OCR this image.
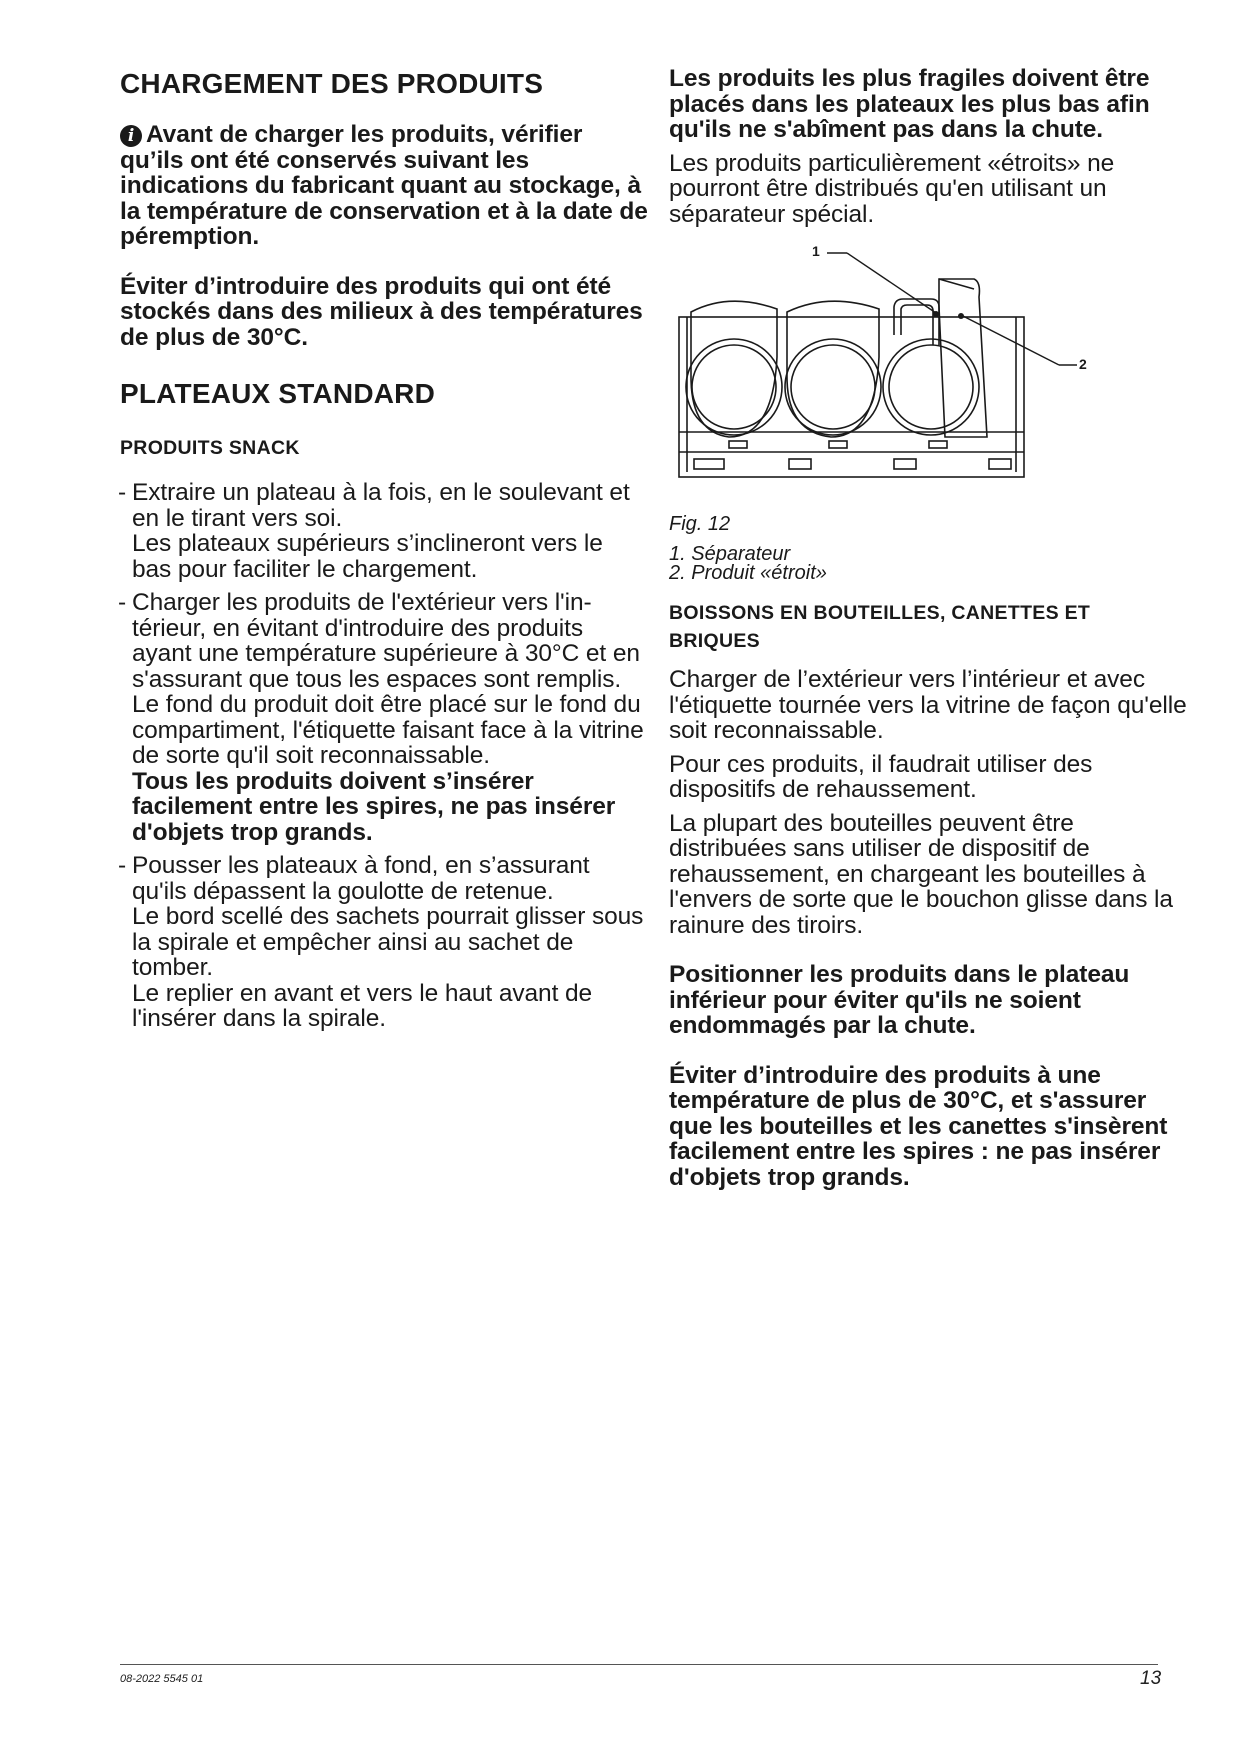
CHARGEMENT DES PRODUITS

i Avant de charger les produits, vérifier qu’ils ont été conservés suivant les indications du fabricant quant au stockage, à la température de conservation et à la date de péremption.

Éviter d’introduire des produits qui ont été stockés dans des milieux à des températures de plus de 30°C.

PLATEAUX STANDARD
PRODUITS SNACK
- Extraire un plateau à la fois, en le soulevant et en le tirant vers soi.

Les plateaux supérieurs s’inclineront vers le bas pour faciliter le chargement.

- Charger les produits de l'extérieur vers l'intérieur, en évitant d'introduire des produits ayant une température supérieure à 30°C et en s'assurant que tous les espaces sont remplis. Le fond du produit doit être placé sur le fond du compartiment, l'étiquette faisant face à la vitrine de sorte qu'il soit reconnaissable.

Tous les produits doivent s’insérer facilement entre les spires, ne pas insérer d'objets trop grands.

- Pousser les plateaux à fond, en s’assurant qu'ils dépassent la goulotte de retenue.

Le bord scellé des sachets pourrait glisser sous la spirale et empêcher ainsi au sachet de tomber.

Le replier en avant et vers le haut avant de l'insérer dans la spirale.

Les produits les plus fragiles doivent être placés dans les plateaux les plus bas afin qu'ils ne s'abîment pas dans la chute.

Les produits particulièrement «étroits» ne pourront être distribués qu'en utilisant un séparateur spécial.

1
2
Fig. 12
1. Séparateur
2. Produit «étroit»
BOISSONS EN BOUTEILLES, CANETTES ET
BRIQUES

Charger de l’extérieur vers l’intérieur et avec l'étiquette tournée vers la vitrine de façon qu'elle soit reconnaissable.

Pour ces produits, il faudrait utiliser des dispositifs de rehaussement.

La plupart des bouteilles peuvent être distribuées sans utiliser de dispositif de rehaussement, en chargeant les bouteilles à l'envers de sorte que le bouchon glisse dans la rainure des tiroirs.

Positionner les produits dans le plateau inférieur pour éviter qu'ils ne soient endommagés par la chute.

Éviter d’introduire des produits à une température de plus de 30°C, et s'assurer que les bouteilles et les canettes s'insèrent facilement entre les spires : ne pas insérer d'objets trop grands.

08-2022 5545 01	13
